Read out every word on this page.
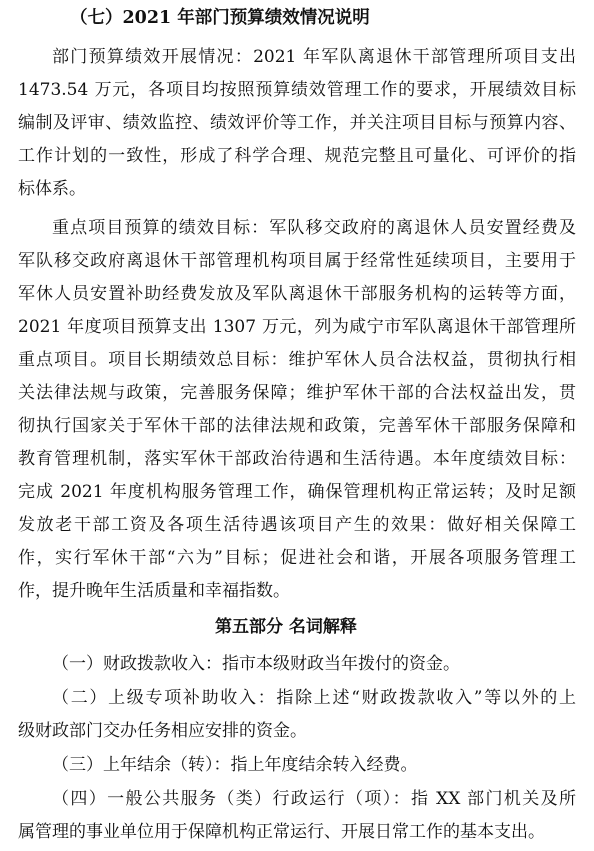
（七）2021 年部门预算绩效情况说明
部门预算绩效开展情况：2021 年军队离退休干部管理所项目支出
1473.54 万元，各项目均按照预算绩效管理工作的要求，开展绩效目标
编制及评审、绩效监控、绩效评价等工作，并关注项目目标与预算内容、
工作计划的一致性，形成了科学合理、规范完整且可量化、可评价的指
标体系。
重点项目预算的绩效目标：军队移交政府的离退休人员安置经费及
军队移交政府离退休干部管理机构项目属于经常性延续项目，主要用于
军休人员安置补助经费发放及军队离退休干部服务机构的运转等方面，
2021 年度项目预算支出 1307 万元，列为咸宁市军队离退休干部管理所
重点项目。项目长期绩效总目标：维护军休人员合法权益，贯彻执行相
关法律法规与政策，完善服务保障；维护军休干部的合法权益出发，贯
彻执行国家关于军休干部的法律法规和政策，完善军休干部服务保障和
教育管理机制，落实军休干部政治待遇和生活待遇。本年度绩效目标：
完成 2021 年度机构服务管理工作，确保管理机构正常运转；及时足额
发放老干部工资及各项生活待遇该项目产生的效果：做好相关保障工
作，实行军休干部“六为”目标；促进社会和谐，开展各项服务管理工
作，提升晚年生活质量和幸福指数。
第五部分 名词解释
（一）财政拨款收入：指市本级财政当年拨付的资金。
（二）上级专项补助收入：指除上述“财政拨款收入”等以外的上
级财政部门交办任务相应安排的资金。
（三）上年结余（转）：指上年度结余转入经费。
（四）一般公共服务（类）行政运行（项）：指 XX 部门机关及所
属管理的事业单位用于保障机构正常运行、开展日常工作的基本支出。
